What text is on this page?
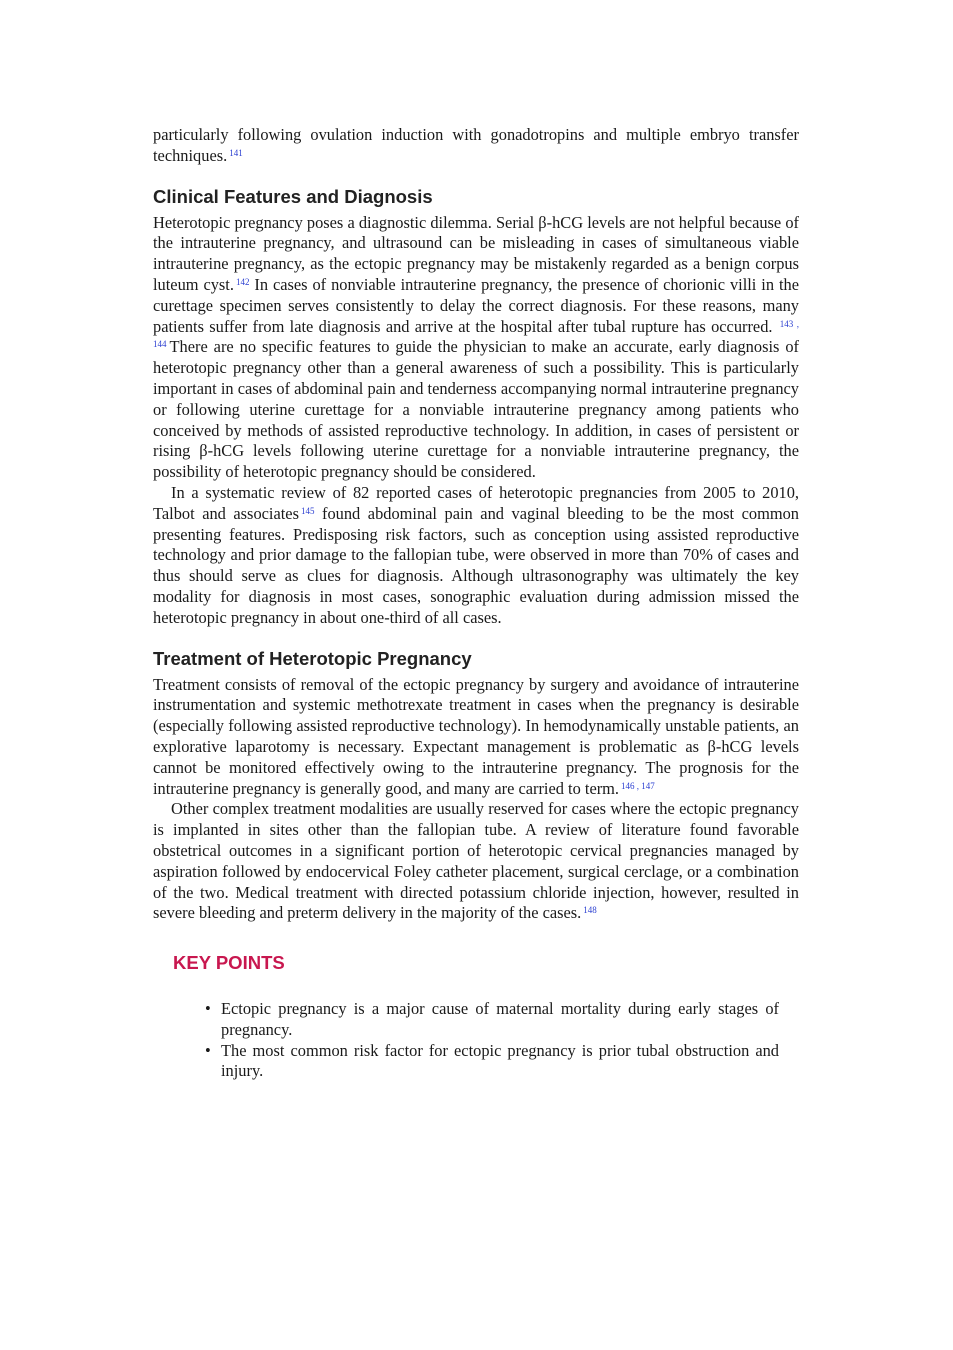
particularly following ovulation induction with gonadotropins and multiple embryo transfer techniques. $^{141}$

Clinical Features and Diagnosis

Heterotopic pregnancy poses a diagnostic dilemma. Serial β-hCG levels are not helpful because of the intrauterine pregnancy, and ultrasound can be misleading in cases of simultaneous viable intrauterine pregnancy, as the ectopic pregnancy may be mistakenly regarded as a benign corpus luteum cyst. $^{142}$ In cases of nonviable intrauterine pregnancy, the presence of chorionic villi in the curettage specimen serves consistently to delay the correct diagnosis. For these reasons, many patients suffer from late diagnosis and arrive at the hospital after tubal rupture has occurred. $^{143 , 144}$ There are no specific features to guide the physician to make an accurate, early diagnosis of heterotopic pregnancy other than a general awareness of such a possibility. This is particularly important in cases of abdominal pain and tenderness accompanying normal intrauterine pregnancy or following uterine curettage for a nonviable intrauterine pregnancy among patients who conceived by methods of assisted reproductive technology. In addition, in cases of persistent or rising β-hCG levels following uterine curettage for a nonviable intrauterine pregnancy, the possibility of heterotopic pregnancy should be considered.

In a systematic review of 82 reported cases of heterotopic pregnancies from 2005 to 2010, Talbot and associates $^{145}$ found abdominal pain and vaginal bleeding to be the most common presenting features. Predisposing risk factors, such as conception using assisted reproductive technology and prior damage to the fallopian tube, were observed in more than 70% of cases and thus should serve as clues for diagnosis. Although ultrasonography was ultimately the key modality for diagnosis in most cases, sonographic evaluation during admission missed the heterotopic pregnancy in about one-third of all cases.

Treatment of Heterotopic Pregnancy

Treatment consists of removal of the ectopic pregnancy by surgery and avoidance of intrauterine instrumentation and systemic methotrexate treatment in cases when the pregnancy is desirable (especially following assisted reproductive technology). In hemodynamically unstable patients, an explorative laparotomy is necessary. Expectant management is problematic as β-hCG levels cannot be monitored effectively owing to the intrauterine pregnancy. The prognosis for the intrauterine pregnancy is generally good, and many are carried to term. $^{146 , 147}$

Other complex treatment modalities are usually reserved for cases where the ectopic pregnancy is implanted in sites other than the fallopian tube. A review of literature found favorable obstetrical outcomes in a significant portion of heterotopic cervical pregnancies managed by aspiration followed by endocervical Foley catheter placement, surgical cerclage, or a combination of the two. Medical treatment with directed potassium chloride injection, however, resulted in severe bleeding and preterm delivery in the majority of the cases. $^{148}$

KEY POINTS
• Ectopic pregnancy is a major cause of maternal mortality during early stages of pregnancy.
• The most common risk factor for ectopic pregnancy is prior tubal obstruction and injury.
